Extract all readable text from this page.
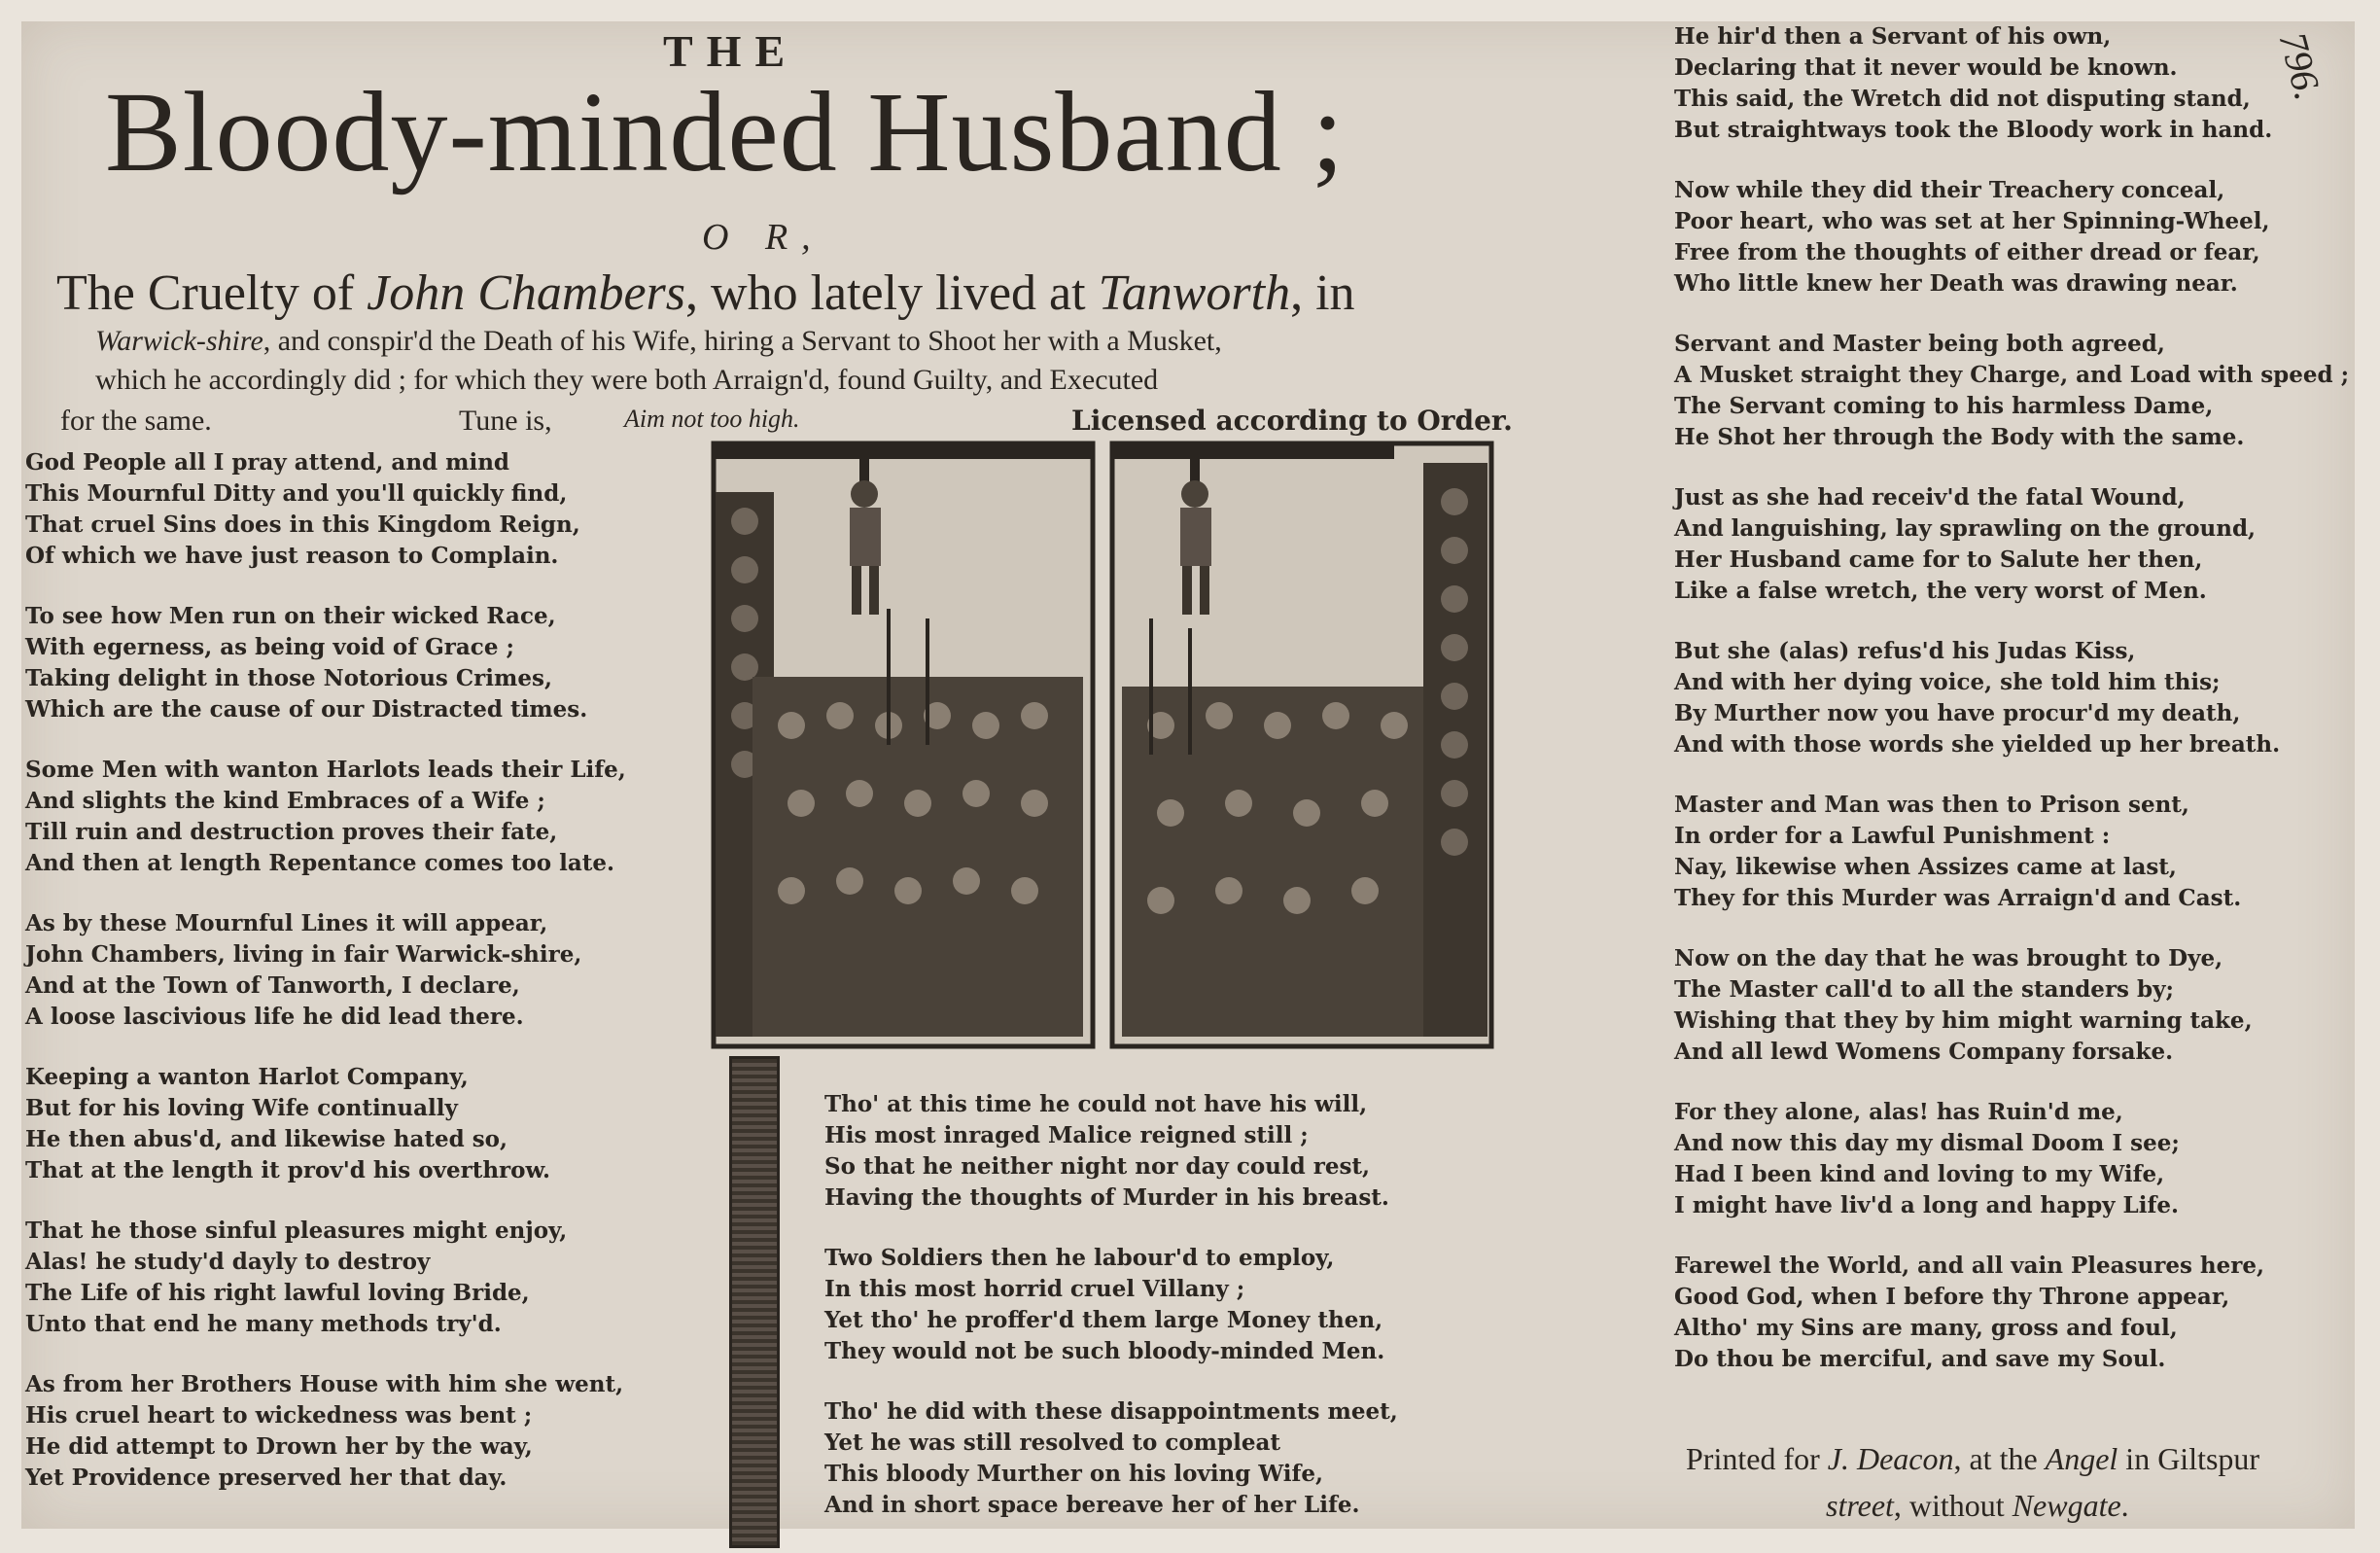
THE
Bloody-minded Husband ;
O R,
The Cruelty of John Chambers, who lately lived at Tanworth, in
Warwick-shire, and conspir'd the Death of his Wife, hiring a Servant to Shoot her with a Musket,
which he accordingly did ; for which they were both Arraign'd, found Guilty, and Executed
for the same.	Tune is,	Aim not too high.	Licensed according to Order.
God People all I pray attend, and mind
This Mournful Ditty and you'll quickly find,
That cruel Sins does in this Kingdom Reign,
Of which we have just reason to Complain.
To see how Men run on their wicked Race,
With egerness, as being void of Grace ;
Taking delight in those Notorious Crimes,
Which are the cause of our Distracted times.
Some Men with wanton Harlots leads their Life,
And slights the kind Embraces of a Wife ;
Till ruin and destruction proves their fate,
And then at length Repentance comes too late.
As by these Mournful Lines it will appear,
John Chambers, living in fair Warwick-shire,
And at the Town of Tanworth, I declare,
A loose lascivious life he did lead there.
Keeping a wanton Harlot Company,
But for his loving Wife continually
He then abus'd, and likewise hated so,
That at the length it prov'd his overthrow.
That he those sinful pleasures might enjoy,
Alas! he study'd dayly to destroy
The Life of his right lawful loving Bride,
Unto that end he many methods try'd.
As from her Brothers House with him she went,
His cruel heart to wickedness was bent ;
He did attempt to Drown her by the way,
Yet Providence preserved her that day.
Tho' at this time he could not have his will,
His most inraged Malice reigned still ;
So that he neither night nor day could rest,
Having the thoughts of Murder in his breast.
Two Soldiers then he labour'd to employ,
In this most horrid cruel Villany ;
Yet tho' he proffer'd them large Money then,
They would not be such bloody-minded Men.
Tho' he did with these disappointments meet,
Yet he was still resolved to compleat
This bloody Murther on his loving Wife,
And in short space bereave her of her Life.
He hir'd then a Servant of his own,
Declaring that it never would be known.
This said, the Wretch did not disputing stand,
But straightways took the Bloody work in hand.
Now while they did their Treachery conceal,
Poor heart, who was set at her Spinning-Wheel,
Free from the thoughts of either dread or fear,
Who little knew her Death was drawing near.
Servant and Master being both agreed,
A Musket straight they Charge, and Load with speed ;
The Servant coming to his harmless Dame,
He Shot her through the Body with the same.
Just as she had receiv'd the fatal Wound,
And languishing, lay sprawling on the ground,
Her Husband came for to Salute her then,
Like a false wretch, the very worst of Men.
But she (alas) refus'd his Judas Kiss,
And with her dying voice, she told him this;
By Murther now you have procur'd my death,
And with those words she yielded up her breath.
Master and Man was then to Prison sent,
In order for a Lawful Punishment :
Nay, likewise when Assizes came at last,
They for this Murder was Arraign'd and Cast.
Now on the day that he was brought to Dye,
The Master call'd to all the standers by;
Wishing that they by him might warning take,
And all lewd Womens Company forsake.
For they alone, alas! has Ruin'd me,
And now this day my dismal Doom I see;
Had I been kind and loving to my Wife,
I might have liv'd a long and happy Life.
Farewel the World, and all vain Pleasures here,
Good God, when I before thy Throne appear,
Altho' my Sins are many, gross and foul,
Do thou be merciful, and save my Soul.
Printed for J. Deacon, at the Angel in Giltspur
street, without Newgate.
796.
